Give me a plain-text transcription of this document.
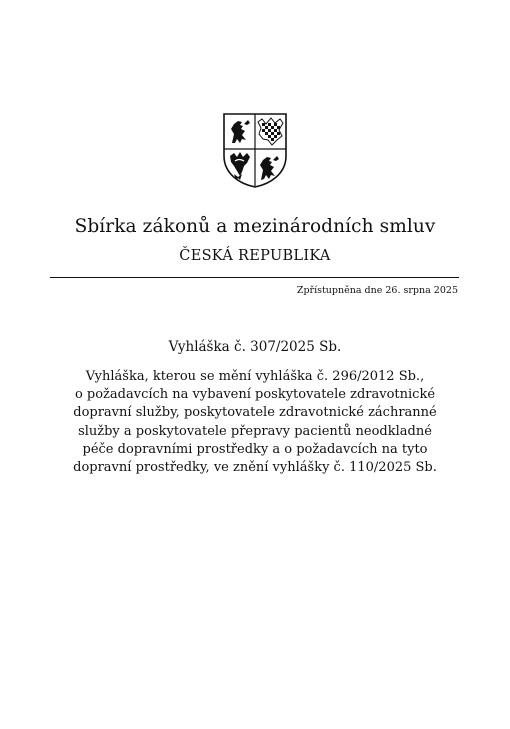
Sbírka zákonů a mezinárodních smluv
ČESKÁ REPUBLIKA
Zpřístupněna dne 26. srpna 2025
Vyhláška č. 307/2025 Sb.
Vyhláška, kterou se mění vyhláška č. 296/2012 Sb.,
o požadavcích na vybavení poskytovatele zdravotnické
dopravní služby, poskytovatele zdravotnické záchranné
služby a poskytovatele přepravy pacientů neodkladné
péče dopravními prostředky a o požadavcích na tyto
dopravní prostředky, ve znění vyhlášky č. 110/2025 Sb.
